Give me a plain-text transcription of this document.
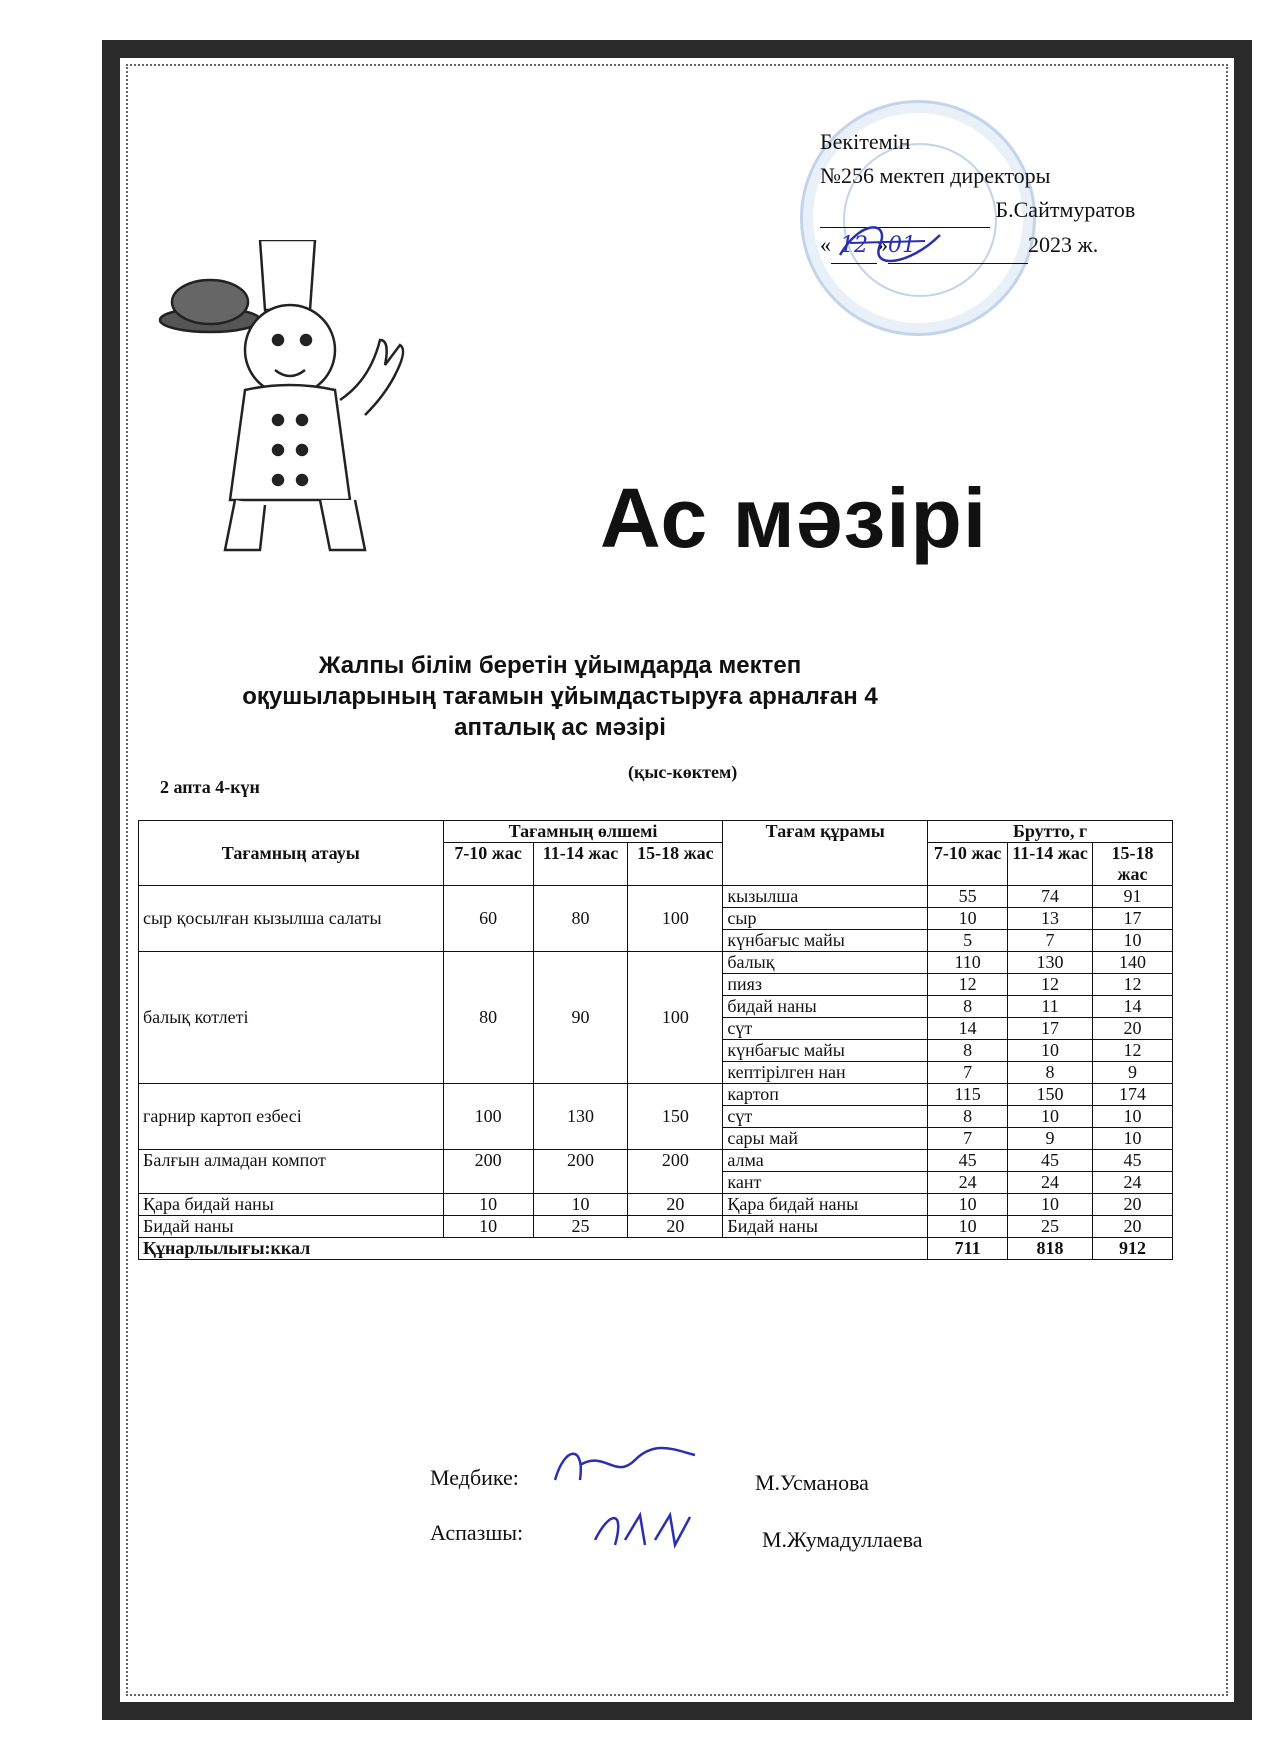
Бекітемін
№256 мектеп директоры
Б.Сайтмуратов
« 12 »01	2023 ж.
Ас мәзірі
Жалпы білім беретін ұйымдарда мектеп
оқушыларының тағамын ұйымдастыруға арналған 4
апталық ас мәзірі
(қыс-көктем)
2 апта 4-күн
Тағамның атауы	Тағамның өлшемі			Тағам құрамы	Брутто, г		
	7-10 жас	11-14 жас	15-18 жас		7-10 жас	11-14 жас	15-18 жас
сыр қосылған кызылша салаты	60	80	100	кызылша	55	74	91
				сыр	10	13	17
				күнбағыс майы	5	7	10
балық котлеті	80	90	100	балық	110	130	140
				пияз	12	12	12
				бидай наны	8	11	14
				сүт	14	17	20
				күнбағыс майы	8	10	12
				кептірілген нан	7	8	9
гарнир картоп езбесі	100	130	150	картоп	115	150	174
				сүт	8	10	10
				сары май	7	9	10
Балғын алмадан компот	200	200	200	алма	45	45	45
				кант	24	24	24
Қара бидай наны	10	10	20	Қара бидай наны	10	10	20
Бидай наны	10	25	20	Бидай наны	10	25	20
Құнарлылығы:ккал					711	818	912
Медбике:	М.Усманова
Аспазшы:	М.Жумадуллаева
